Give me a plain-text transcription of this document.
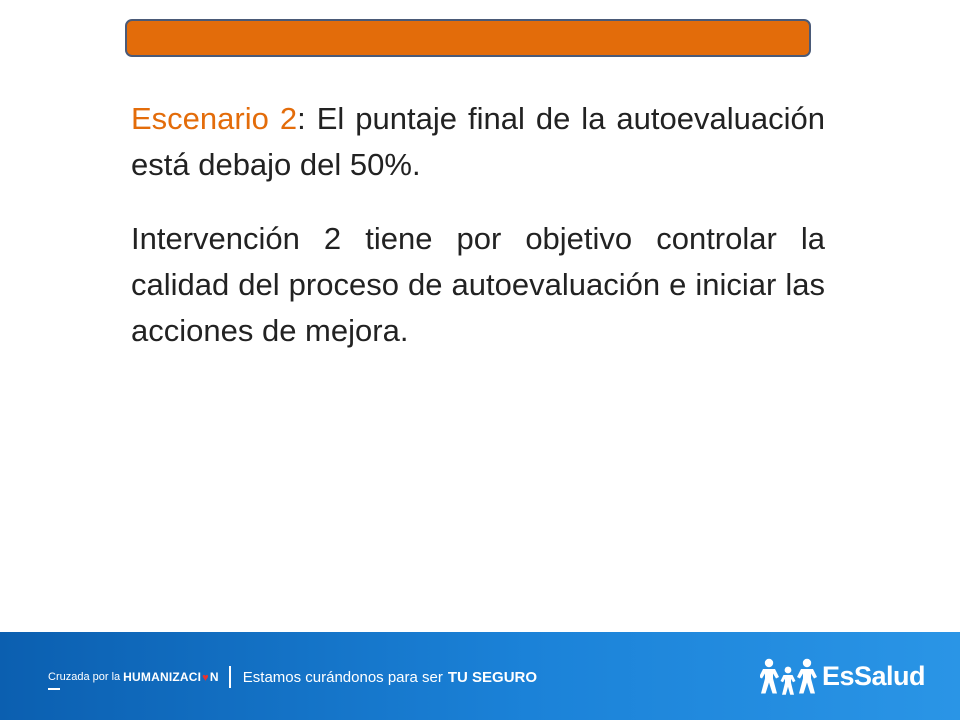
Escenario 2: El puntaje final de la autoevaluación está debajo del 50%.

Intervención 2 tiene por objetivo controlar la calidad del proceso de autoevaluación e iniciar las acciones de mejora.

Cruzada por la HUMANIZACI♥N Estamos curándonos para ser TU SEGURO	EsSalud
